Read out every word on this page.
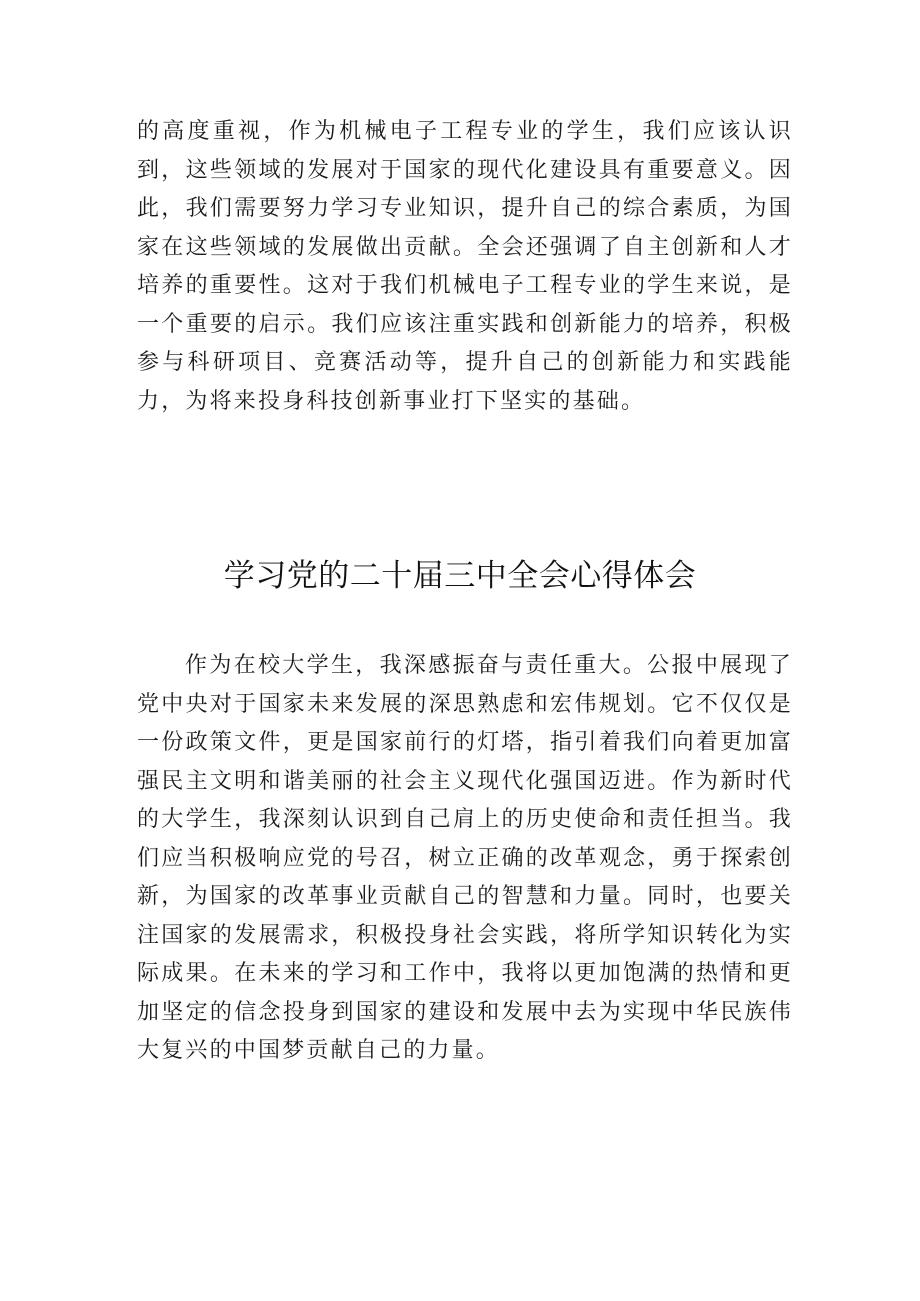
的高度重视，作为机械电子工程专业的学生，我们应该认识到，这些领域的发展对于国家的现代化建设具有重要意义。因此，我们需要努力学习专业知识，提升自己的综合素质，为国家在这些领域的发展做出贡献。全会还强调了自主创新和人才培养的重要性。这对于我们机械电子工程专业的学生来说，是一个重要的启示。我们应该注重实践和创新能力的培养，积极参与科研项目、竞赛活动等，提升自己的创新能力和实践能力，为将来投身科技创新事业打下坚实的基础。

学习党的二十届三中全会心得体会

作为在校大学生，我深感振奋与责任重大。公报中展现了党中央对于国家未来发展的深思熟虑和宏伟规划。它不仅仅是一份政策文件，更是国家前行的灯塔，指引着我们向着更加富强民主文明和谐美丽的社会主义现代化强国迈进。作为新时代的大学生，我深刻认识到自己肩上的历史使命和责任担当。我们应当积极响应党的号召，树立正确的改革观念，勇于探索创新，为国家的改革事业贡献自己的智慧和力量。同时，也要关注国家的发展需求，积极投身社会实践，将所学知识转化为实际成果。在未来的学习和工作中，我将以更加饱满的热情和更加坚定的信念投身到国家的建设和发展中去为实现中华民族伟大复兴的中国梦贡献自己的力量。
